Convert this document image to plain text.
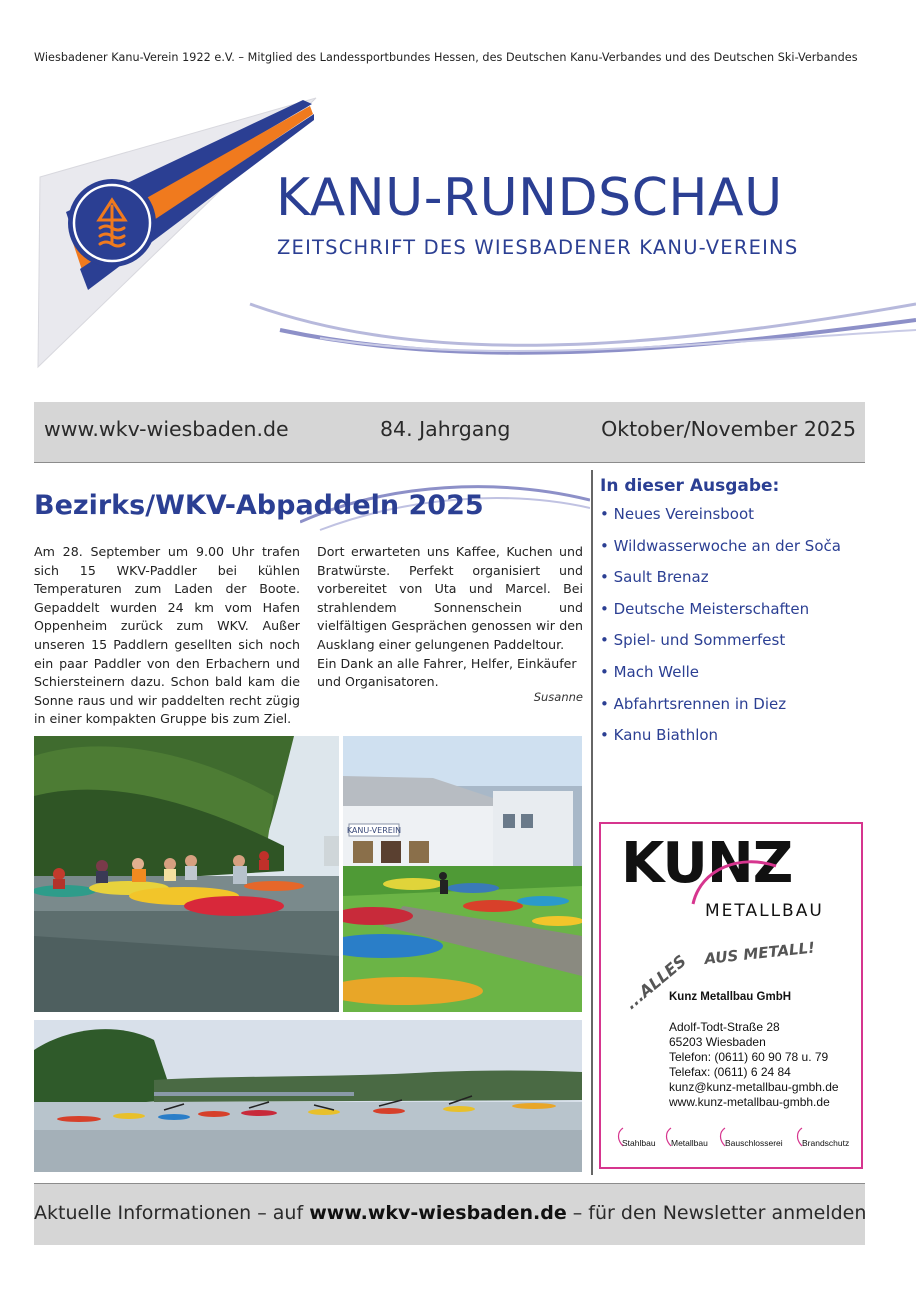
Wiesbadener Kanu-Verein 1922 e.V. – Mitglied des Landessportbundes Hessen, des Deutschen Kanu-Verbandes und des Deutschen Ski-Verbandes
KANU-RUNDSCHAU
ZEITSCHRIFT DES WIESBADENER KANU-VEREINS
www.wkv-wiesbaden.de	84. Jahrgang	Oktober/November 2025
Bezirks/WKV-Abpaddeln 2025
Am 28. September um 9.00 Uhr trafen sich 15 WKV-Paddler bei kühlen Temperaturen zum Laden der Boote. Gepaddelt wurden 24 km vom Hafen Oppenheim zurück zum WKV. Außer unseren 15 Paddlern gesellten sich noch ein paar Paddler von den Erbachern und Schiersteinern dazu. Schon bald kam die Sonne raus und wir paddelten recht zügig in einer kompakten Gruppe bis zum Ziel.
Dort erwarteten uns Kaffee, Kuchen und Bratwürste. Perfekt organisiert und vorbereitet von Uta und Marcel. Bei strahlendem Sonnenschein und vielfältigen Gesprächen genossen wir den Ausklang einer gelungenen Paddeltour.
Ein Dank an alle Fahrer, Helfer, Einkäufer und Organisatoren.
Susanne
In dieser Ausgabe:
• Neues Vereinsboot
• Wildwasserwoche an der Soča
• Sault Brenaz
• Deutsche Meisterschaften
• Spiel- und Sommerfest
• Mach Welle
• Abfahrtsrennen in Diez
• Kanu Biathlon
KANU-VEREIN
KUNZ
METALLBAU
...ALLES AUS METALL!
Kunz Metallbau GmbH
Adolf-Todt-Straße 28
65203 Wiesbaden
Telefon: (0611) 60 90 78 u. 79
Telefax: (0611) 6 24 84
kunz@kunz-metallbau-gmbh.de
www.kunz-metallbau-gmbh.de
Stahlbau Metallbau Bauschlosserei Brandschutz
Aktuelle Informationen – auf www.wkv-wiesbaden.de – für den Newsletter anmelden
